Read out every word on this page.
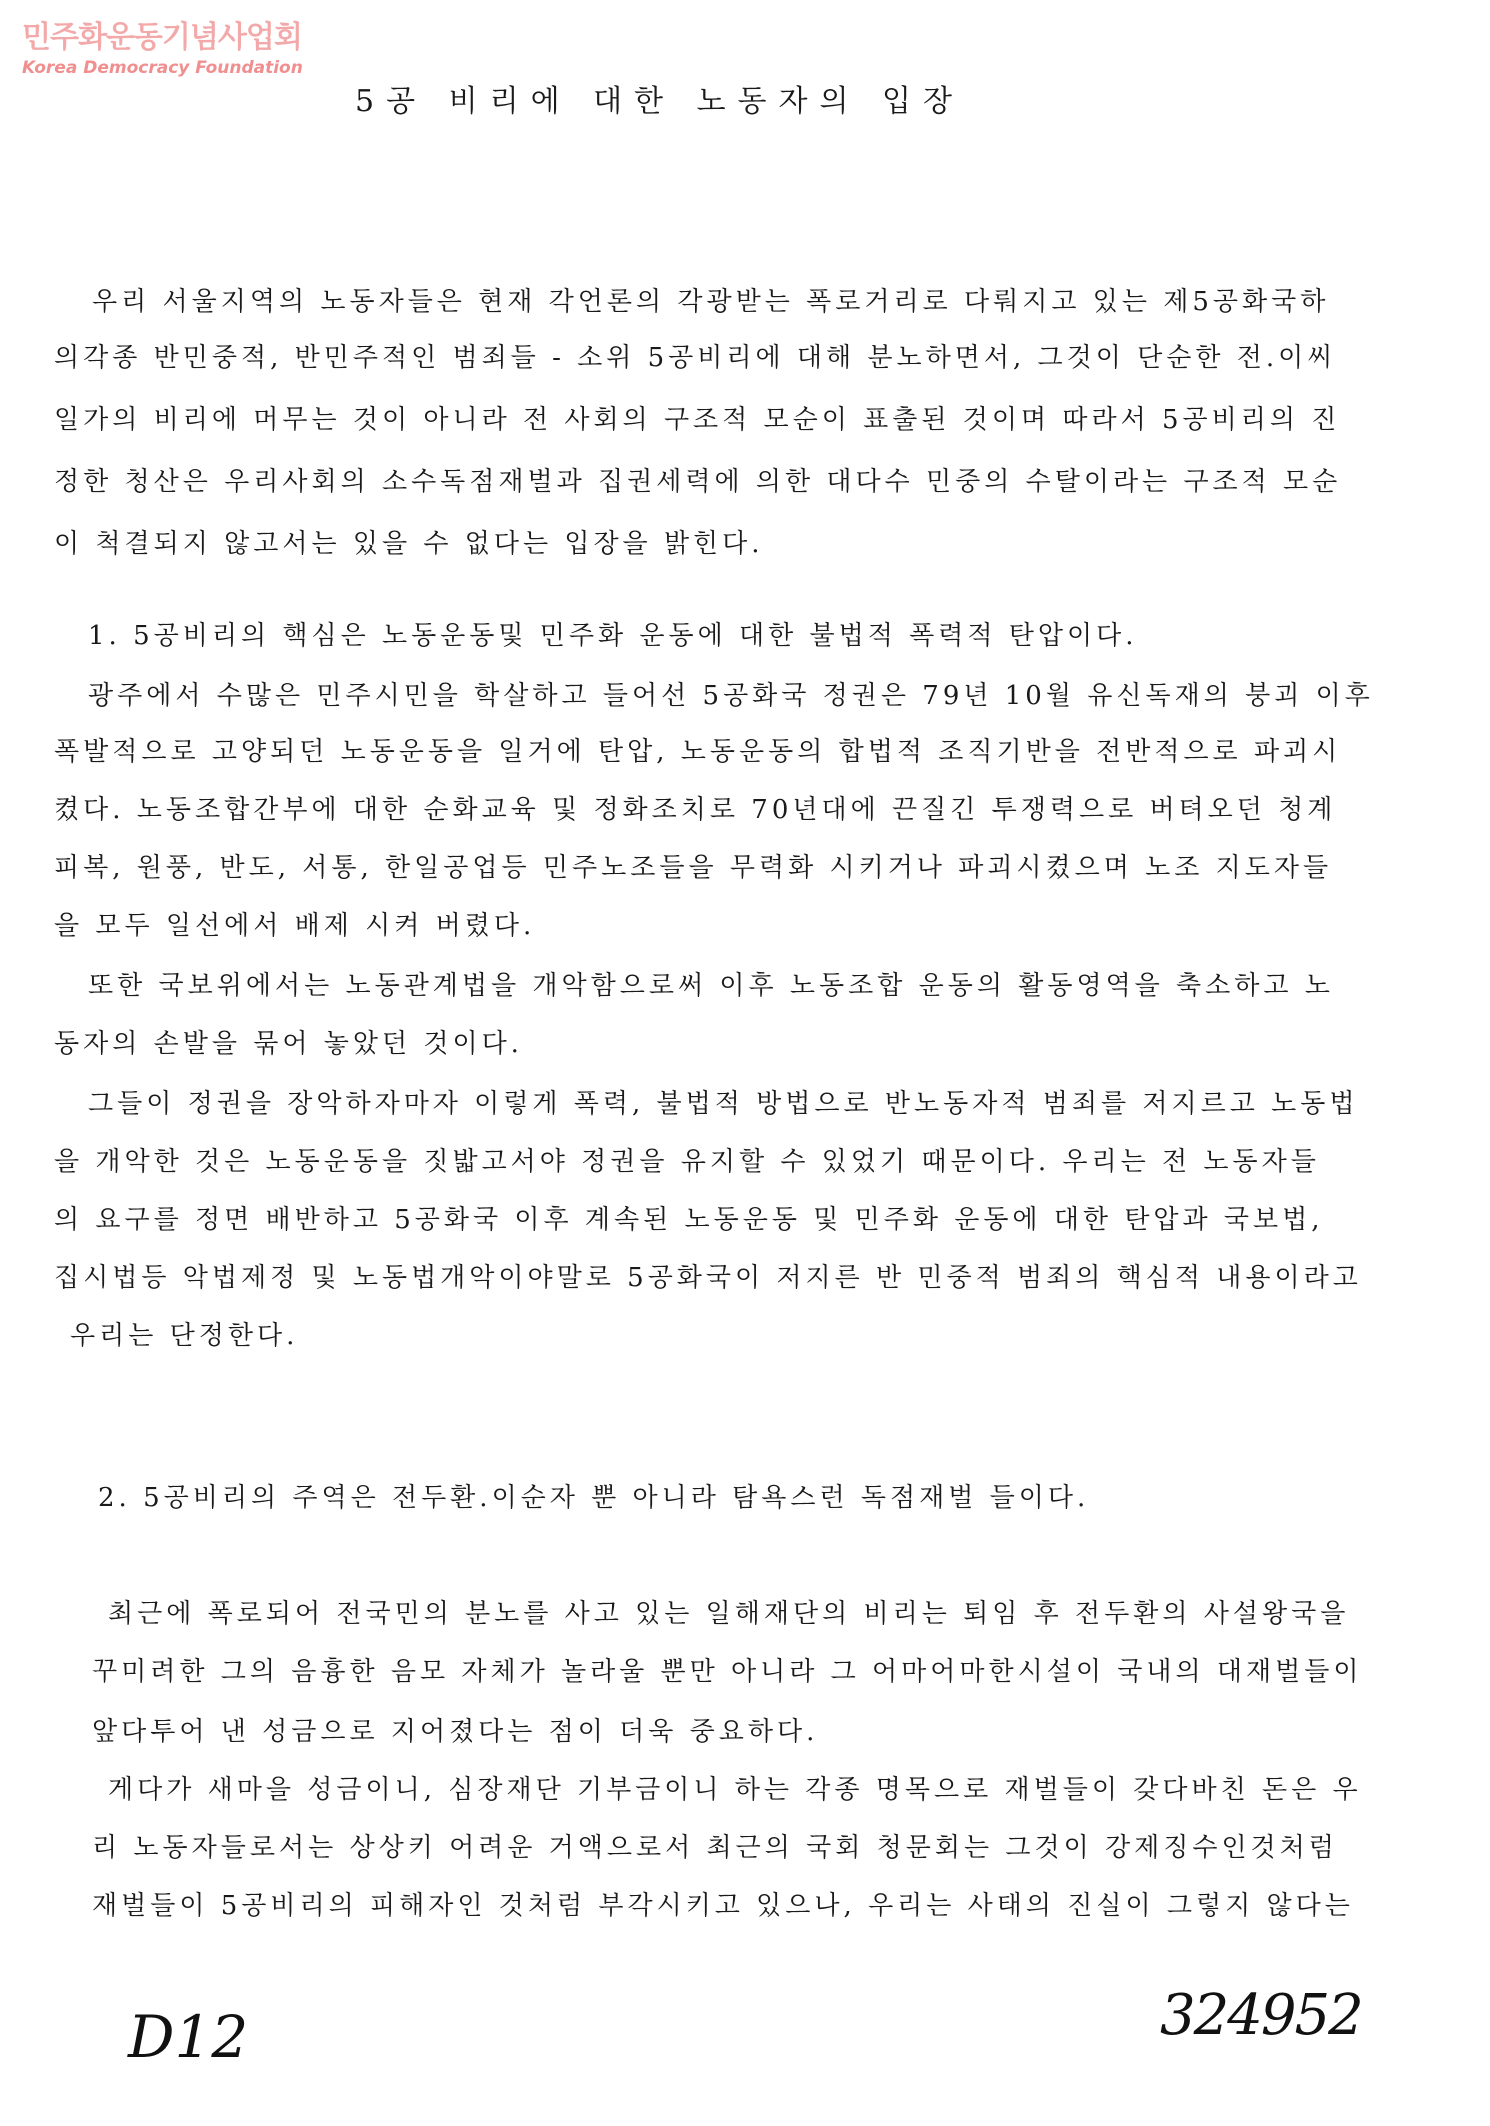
민주화운동기념사업회
Korea Democracy Foundation
5공 비리에 대한 노동자의 입장
우리 서울지역의 노동자들은 현재 각언론의 각광받는 폭로거리로 다뤄지고 있는 제5공화국하
의각종 반민중적, 반민주적인 범죄들 - 소위 5공비리에 대해 분노하면서, 그것이 단순한 전.이씨
일가의 비리에 머무는 것이 아니라 전 사회의 구조적 모순이 표출된 것이며 따라서 5공비리의 진
정한 청산은 우리사회의 소수독점재벌과 집권세력에 의한 대다수 민중의 수탈이라는 구조적 모순
이 척결되지 않고서는 있을 수 없다는 입장을 밝힌다.
1. 5공비리의 핵심은 노동운동및 민주화 운동에 대한 불법적 폭력적 탄압이다.
광주에서 수많은 민주시민을 학살하고 들어선 5공화국 정권은 79년 10월 유신독재의 붕괴 이후
폭발적으로 고양되던 노동운동을 일거에 탄압, 노동운동의 합법적 조직기반을 전반적으로 파괴시
켰다. 노동조합간부에 대한 순화교육 및 정화조치로 70년대에 끈질긴 투쟁력으로 버텨오던 청계
피복, 원풍, 반도, 서통, 한일공업등 민주노조들을 무력화 시키거나 파괴시켰으며 노조 지도자들
을 모두 일선에서 배제 시켜 버렸다.
또한 국보위에서는 노동관계법을 개악함으로써 이후 노동조합 운동의 활동영역을 축소하고 노
동자의 손발을 묶어 놓았던 것이다.
그들이 정권을 장악하자마자 이렇게 폭력, 불법적 방법으로 반노동자적 범죄를 저지르고 노동법
을 개악한 것은 노동운동을 짓밟고서야 정권을 유지할 수 있었기 때문이다. 우리는 전 노동자들
의 요구를 정면 배반하고 5공화국 이후 계속된 노동운동 및 민주화 운동에 대한 탄압과 국보법,
집시법등 악법제정 및 노동법개악이야말로 5공화국이 저지른 반 민중적 범죄의 핵심적 내용이라고
우리는 단정한다.
2. 5공비리의 주역은 전두환.이순자 뿐 아니라 탐욕스런 독점재벌 들이다.
최근에 폭로되어 전국민의 분노를 사고 있는 일해재단의 비리는 퇴임 후 전두환의 사설왕국을
꾸미려한 그의 음흉한 음모 자체가 놀라울 뿐만 아니라 그 어마어마한시설이 국내의 대재벌들이
앞다투어 낸 성금으로 지어졌다는 점이 더욱 중요하다.
게다가 새마을 성금이니, 심장재단 기부금이니 하는 각종 명목으로 재벌들이 갖다바친 돈은 우
리 노동자들로서는 상상키 어려운 거액으로서 최근의 국회 청문회는 그것이 강제징수인것처럼
재벌들이 5공비리의 피해자인 것처럼 부각시키고 있으나, 우리는 사태의 진실이 그렇지 않다는
D12	324952
